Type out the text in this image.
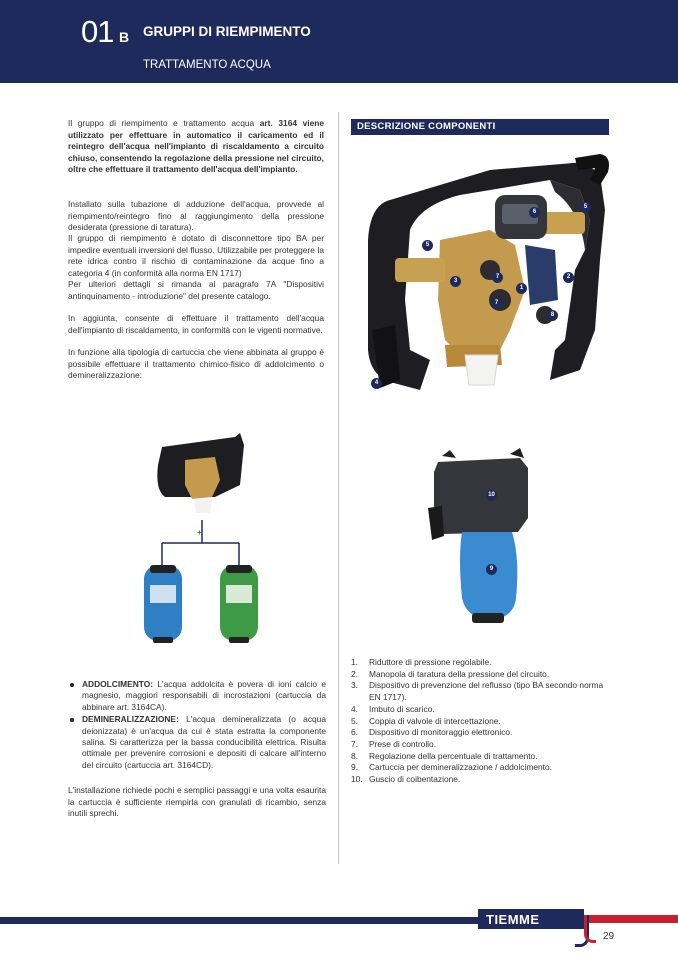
01 B GRUPPI DI RIEMPIMENTO
TRATTAMENTO ACQUA
Il gruppo di riempimento e trattamento acqua art. 3164 viene utilizzato per effettuare in automatico il caricamento ed il reintegro dell'acqua nell'impianto di riscaldamento a circuito chiuso, consentendo la regolazione della pressione nel circuito, oltre che effettuare il trattamento dell'acqua dell'impianto.
Installato sulla tubazione di adduzione dell'acqua, provvede al riempimento/reintegro fino al raggiungimento della pressione desiderata (pressione di taratura).
Il gruppo di riempimento è dotato di disconnettore tipo BA per impedire eventuali inversioni del flusso. Utilizzabile per proteggere la rete idrica contro il rischio di contaminazione da acque fino a categoria 4 (in conformità alla norma EN 1717)
Per ulteriori dettagli si rimanda al paragrafo 7A "Dispositivi antinquinamento - introduzione" del presente catalogo.
In aggiunta, consente di effettuare il trattamento dell'acqua dell'impianto di riscaldamento, in conformità con le vigenti normative.
In funzione alla tipologia di cartuccia che viene abbinata al gruppo è possibile effettuare il trattamento chimico-fisico di addolcimento o demineralizzazione:
DESCRIZIONE COMPONENTI
6
5
5
2
3
7
1
7
8
4
+
10
9
1.	Riduttore di pressione regolabile.
2.	Manopola di taratura della pressione del circuito.
3.	Dispositivo di prevenzione del reflusso (tipo BA secondo norma EN 1717).
4.	Imbuto di scarico.
5.	Coppia di valvole di intercettazione.
6.	Dispositivo di monitoraggio elettronico.
7.	Prese di controllo.
8.	Regolazione della percentuale di trattamento.
9.	Cartuccia per demineralizzazione / addolcimento.
10. Guscio di coibentazione.
ADDOLCIMENTO: L'acqua addolcita è povera di ioni calcio e magnesio, maggiori responsabili di incrostazioni (cartuccia da abbinare art. 3164CA).
DEMINERALIZZAZIONE: L'acqua demineralizzata (o acqua deionizzata) è un'acqua da cui è stata estratta la componente salina. Si caratterizza per la bassa conducibilità elettrica. Risulta ottimale per prevenire corrosioni e depositi di calcare all'interno del circuito (cartuccia art. 3164CD).
L'installazione richiede pochi e semplici passaggi e una volta esaurita la cartuccia è sufficiente riempirla con granulati di ricambio, senza inutili sprechi.
TIEMME
29
